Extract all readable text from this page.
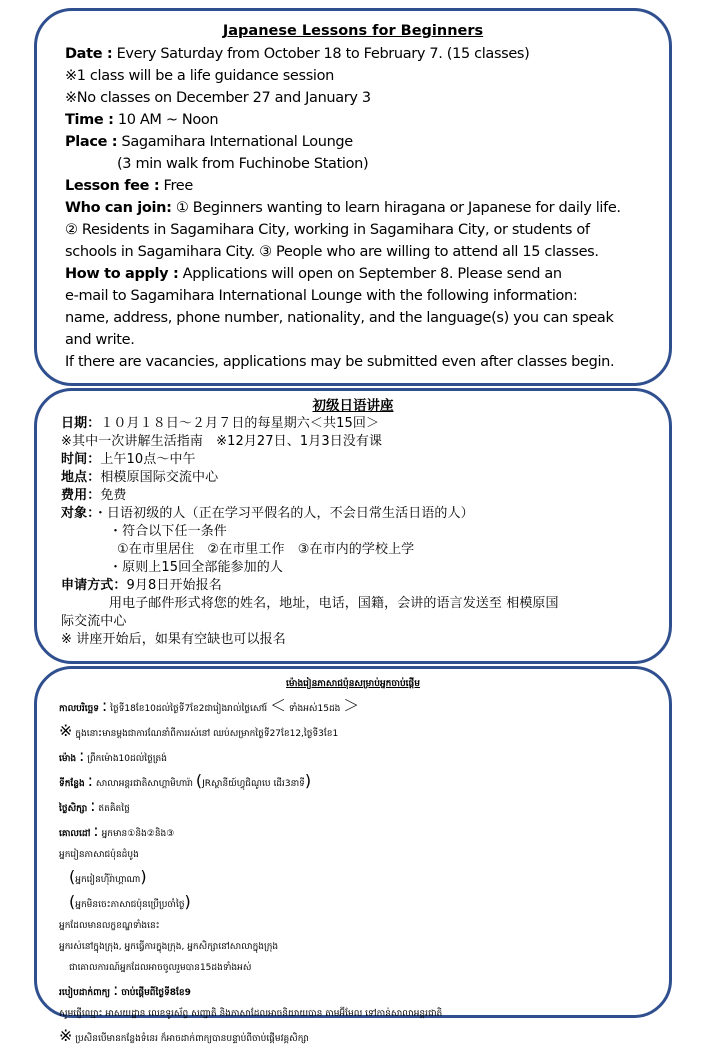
Japanese Lessons for Beginners
Date : Every Saturday from October 18 to February 7. (15 classes)
※1 class will be a life guidance session
※No classes on December 27 and January 3
Time : 10 AM ~ Noon
Place : Sagamihara International Lounge
(3 min walk from Fuchinobe Station)
Lesson fee : Free
Who can join: ① Beginners wanting to learn hiragana or Japanese for daily life.
② Residents in Sagamihara City, working in Sagamihara City, or students of
schools in Sagamihara City. ③ People who are willing to attend all 15 classes.
How to apply : Applications will open on September 8. Please send an
e-mail to Sagamihara International Lounge with the following information:
name, address, phone number, nationality, and the language(s) you can speak
and write.
If there are vacancies, applications may be submitted even after classes begin.
初级日语讲座
日期：１０月１８日～２月７日的每星期六＜共15回＞
※其中一次讲解生活指南　※12月27日、1月3日没有课
时间：上午10点～中午
地点：相模原国际交流中心
费用：免费
对象：・日语初级的人（正在学习平假名的人，不会日常生活日语的人）
・符合以下任一条件
①在市里居住　②在市里工作　③在市内的学校上学
・原则上15回全部能参加的人
申请方式：9月8日开始报名
用电子邮件形式将您的姓名，地址，电话，国籍，会讲的语言发送至 相模原国
际交流中心
※ 讲座开始后，如果有空缺也可以报名
ម៉ោងរៀនភាសាជប៉ុនសម្រាប់អ្នកចាប់ផ្តើម
កាលបរិច្ឆេទ : ថ្ងៃទី18ខែ10ដល់ថ្ងៃទី7ខែ2ជារៀងរាល់ថ្ងៃសៅរ៍ ＜ ទាំងអស់15ដង ＞
※ ក្នុងនោះមានម្តងជាការណែនាំពីការរស់នៅ ឈប់សម្រាកថ្ងៃទី27ខែ12,ថ្ងៃទី3ខែ1
ម៉ោង : ព្រឹកម៉ោង10ដល់ថ្ងៃត្រង់
ទីកន្លែង : សាលាអន្តរជាតិសាហ្គាមិហារ៉ា (JRស្ថានីយ៍ហ្វុជិណូបេ ដើរ3នាទី)
ថ្លៃសិក្សា : ឥតគិតថ្លៃ
គោលដៅ : អ្នកមាន①និង②និង③
អ្នករៀនភាសាជប៉ុនដំបូង
(អ្នករៀនហ៊ីរ៉ាហ្គាណា)
(អ្នកមិនចេះភាសាជប៉ុនប្រើប្រចាំថ្ងៃ)
អ្នកដែលមានលក្ខខណ្ឌទាំងនេះ
អ្នករស់នៅក្នុងក្រុង, អ្នកធ្វើការក្នុងក្រុង, អ្នកសិក្សានៅសាលាក្នុងក្រុង
ជាគោលការណ៍អ្នកដែលអាចចូលរួមបាន15ដងទាំងអស់
របៀបដាក់ពាក្យ : ចាប់ផ្តើមពីថ្ងៃទី8ខែ9
សូមផ្ញើឈ្មោះ អាសយដ្ឋាន លេខទូរស័ព្ទ សញ្ជាតិ និងភាសាដែលអាចនិយាយបាន តាមអ៊ីមែល ទៅកាន់សាលាអន្តរជាតិ
※ ប្រសិនបើមានកន្លែងទំនេរ ក៏អាចដាក់ពាក្យបានបន្ទាប់ពីចាប់ផ្តើមវគ្គសិក្សា
